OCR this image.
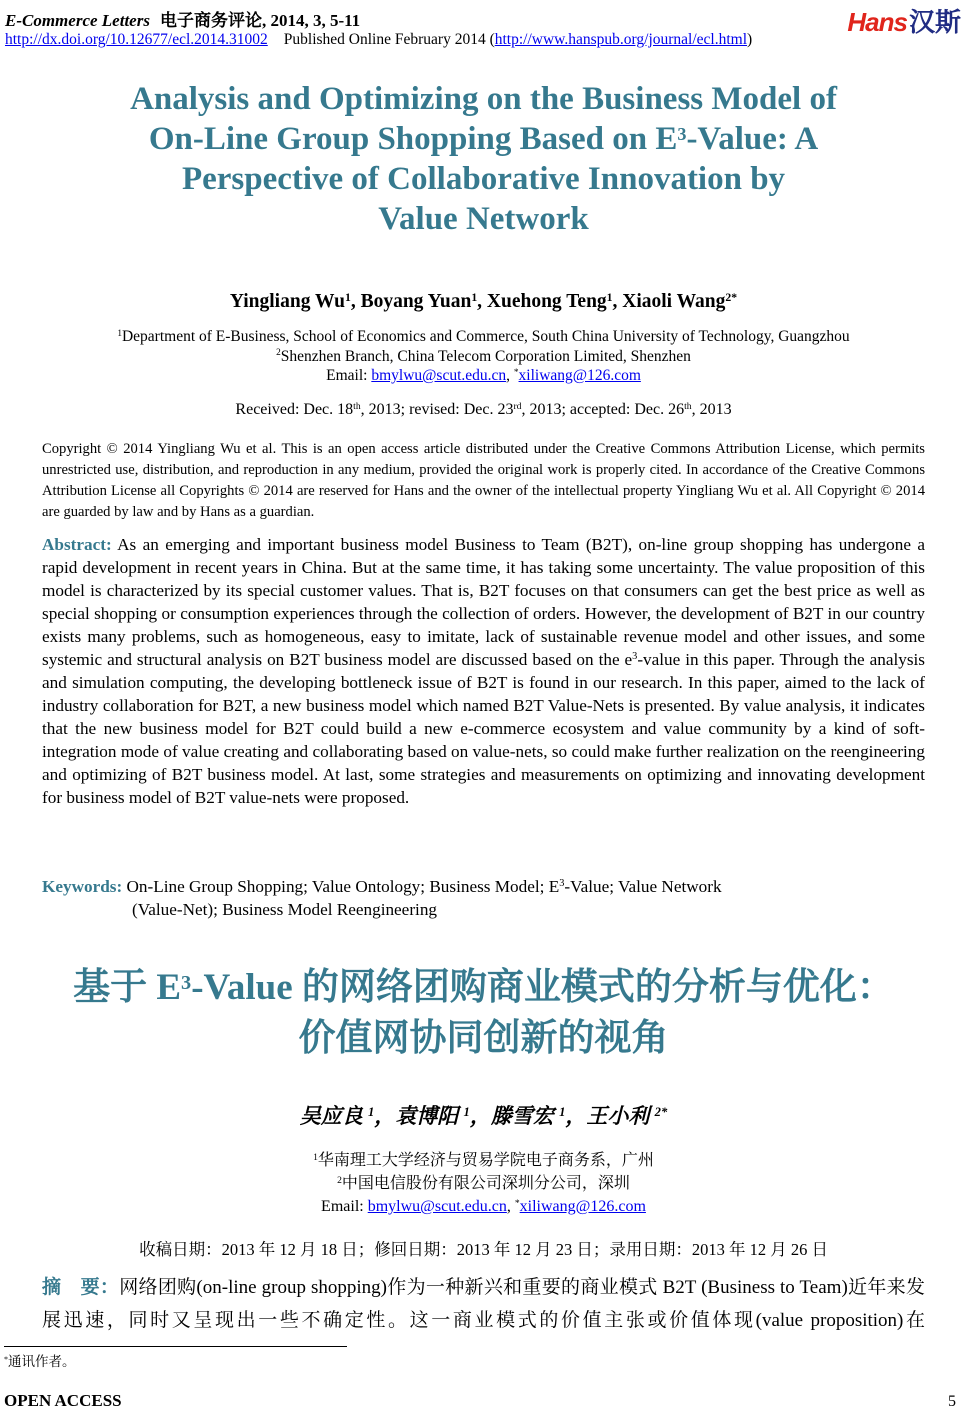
E-Commerce Letters 电子商务评论, 2014, 3, 5-11	Hans汉斯
http://dx.doi.org/10.12677/ecl.2014.31002 Published Online February 2014 (http://www.hanspub.org/journal/ecl.html)
Analysis and Optimizing on the Business Model of
On-Line Group Shopping Based on $E^3$-Value: A
Perspective of Collaborative Innovation by
Value Network
Yingliang Wu$^1$, Boyang Yuan$^1$, Xuehong Teng$^1$, Xiaoli Wang$^{2*}$
$^1$Department of E-Business, School of Economics and Commerce, South China University of Technology, Guangzhou
$^2$Shenzhen Branch, China Telecom Corporation Limited, Shenzhen
Email: bmylwu@scut.edu.cn, *xiliwang@126.com
Received: Dec. 18th, 2013; revised: Dec. 23rd, 2013; accepted: Dec. 26th, 2013
Copyright © 2014 Yingliang Wu et al. This is an open access article distributed under the Creative Commons Attribution License, which permits unrestricted use, distribution, and reproduction in any medium, provided the original work is properly cited. In accordance of the Creative Commons Attribution License all Copyrights © 2014 are reserved for Hans and the owner of the intellectual property Yingliang Wu et al. All Copyright © 2014 are guarded by law and by Hans as a guardian.
Abstract: As an emerging and important business model Business to Team (B2T), on-line group shopping has undergone a rapid development in recent years in China. But at the same time, it has taking some uncertainty. The value proposition of this model is characterized by its special customer values. That is, B2T focuses on that consumers can get the best price as well as special shopping or consumption experiences through the collection of orders. However, the development of B2T in our country exists many problems, such as homogeneous, easy to imitate, lack of sustainable revenue model and other issues, and some systemic and structural analysis on B2T business model are discussed based on the $e^3$-value in this paper. Through the analysis and simulation computing, the developing bottleneck issue of B2T is found in our research. In this paper, aimed to the lack of industry collaboration for B2T, a new business model which named B2T Value-Nets is presented. By value analysis, it indicates that the new business model for B2T could build a new e-commerce ecosystem and value community by a kind of soft-integration mode of value creating and collaborating based on value-nets, so could make further realization on the reengineering and optimizing of B2T business model. At last, some strategies and measurements on optimizing and innovating development for business model of B2T value-nets were proposed.
Keywords: On-Line Group Shopping; Value Ontology; Business Model; $E^3$-Value; Value Network
(Value-Net); Business Model Reengineering
基于 $E^3$-Value 的网络团购商业模式的分析与优化：
价值网协同创新的视角
吴应良 $^1$，袁博阳 $^1$，滕雪宏 $^1$，王小利 $^{2*}$
$^1$华南理工大学经济与贸易学院电子商务系，广州
$^2$中国电信股份有限公司深圳分公司，深圳
Email: bmylwu@scut.edu.cn, *xiliwang@126.com
收稿日期：2013 年 12 月 18 日；修回日期：2013 年 12 月 23 日；录用日期：2013 年 12 月 26 日
摘　要：网络团购(on-line group shopping)作为一种新兴和重要的商业模式 B2T (Business to Team)近年来发展迅速，同时又呈现出一些不确定性。这一商业模式的价值主张或价值体现(value proposition)在
*通讯作者。
OPEN ACCESS	5
